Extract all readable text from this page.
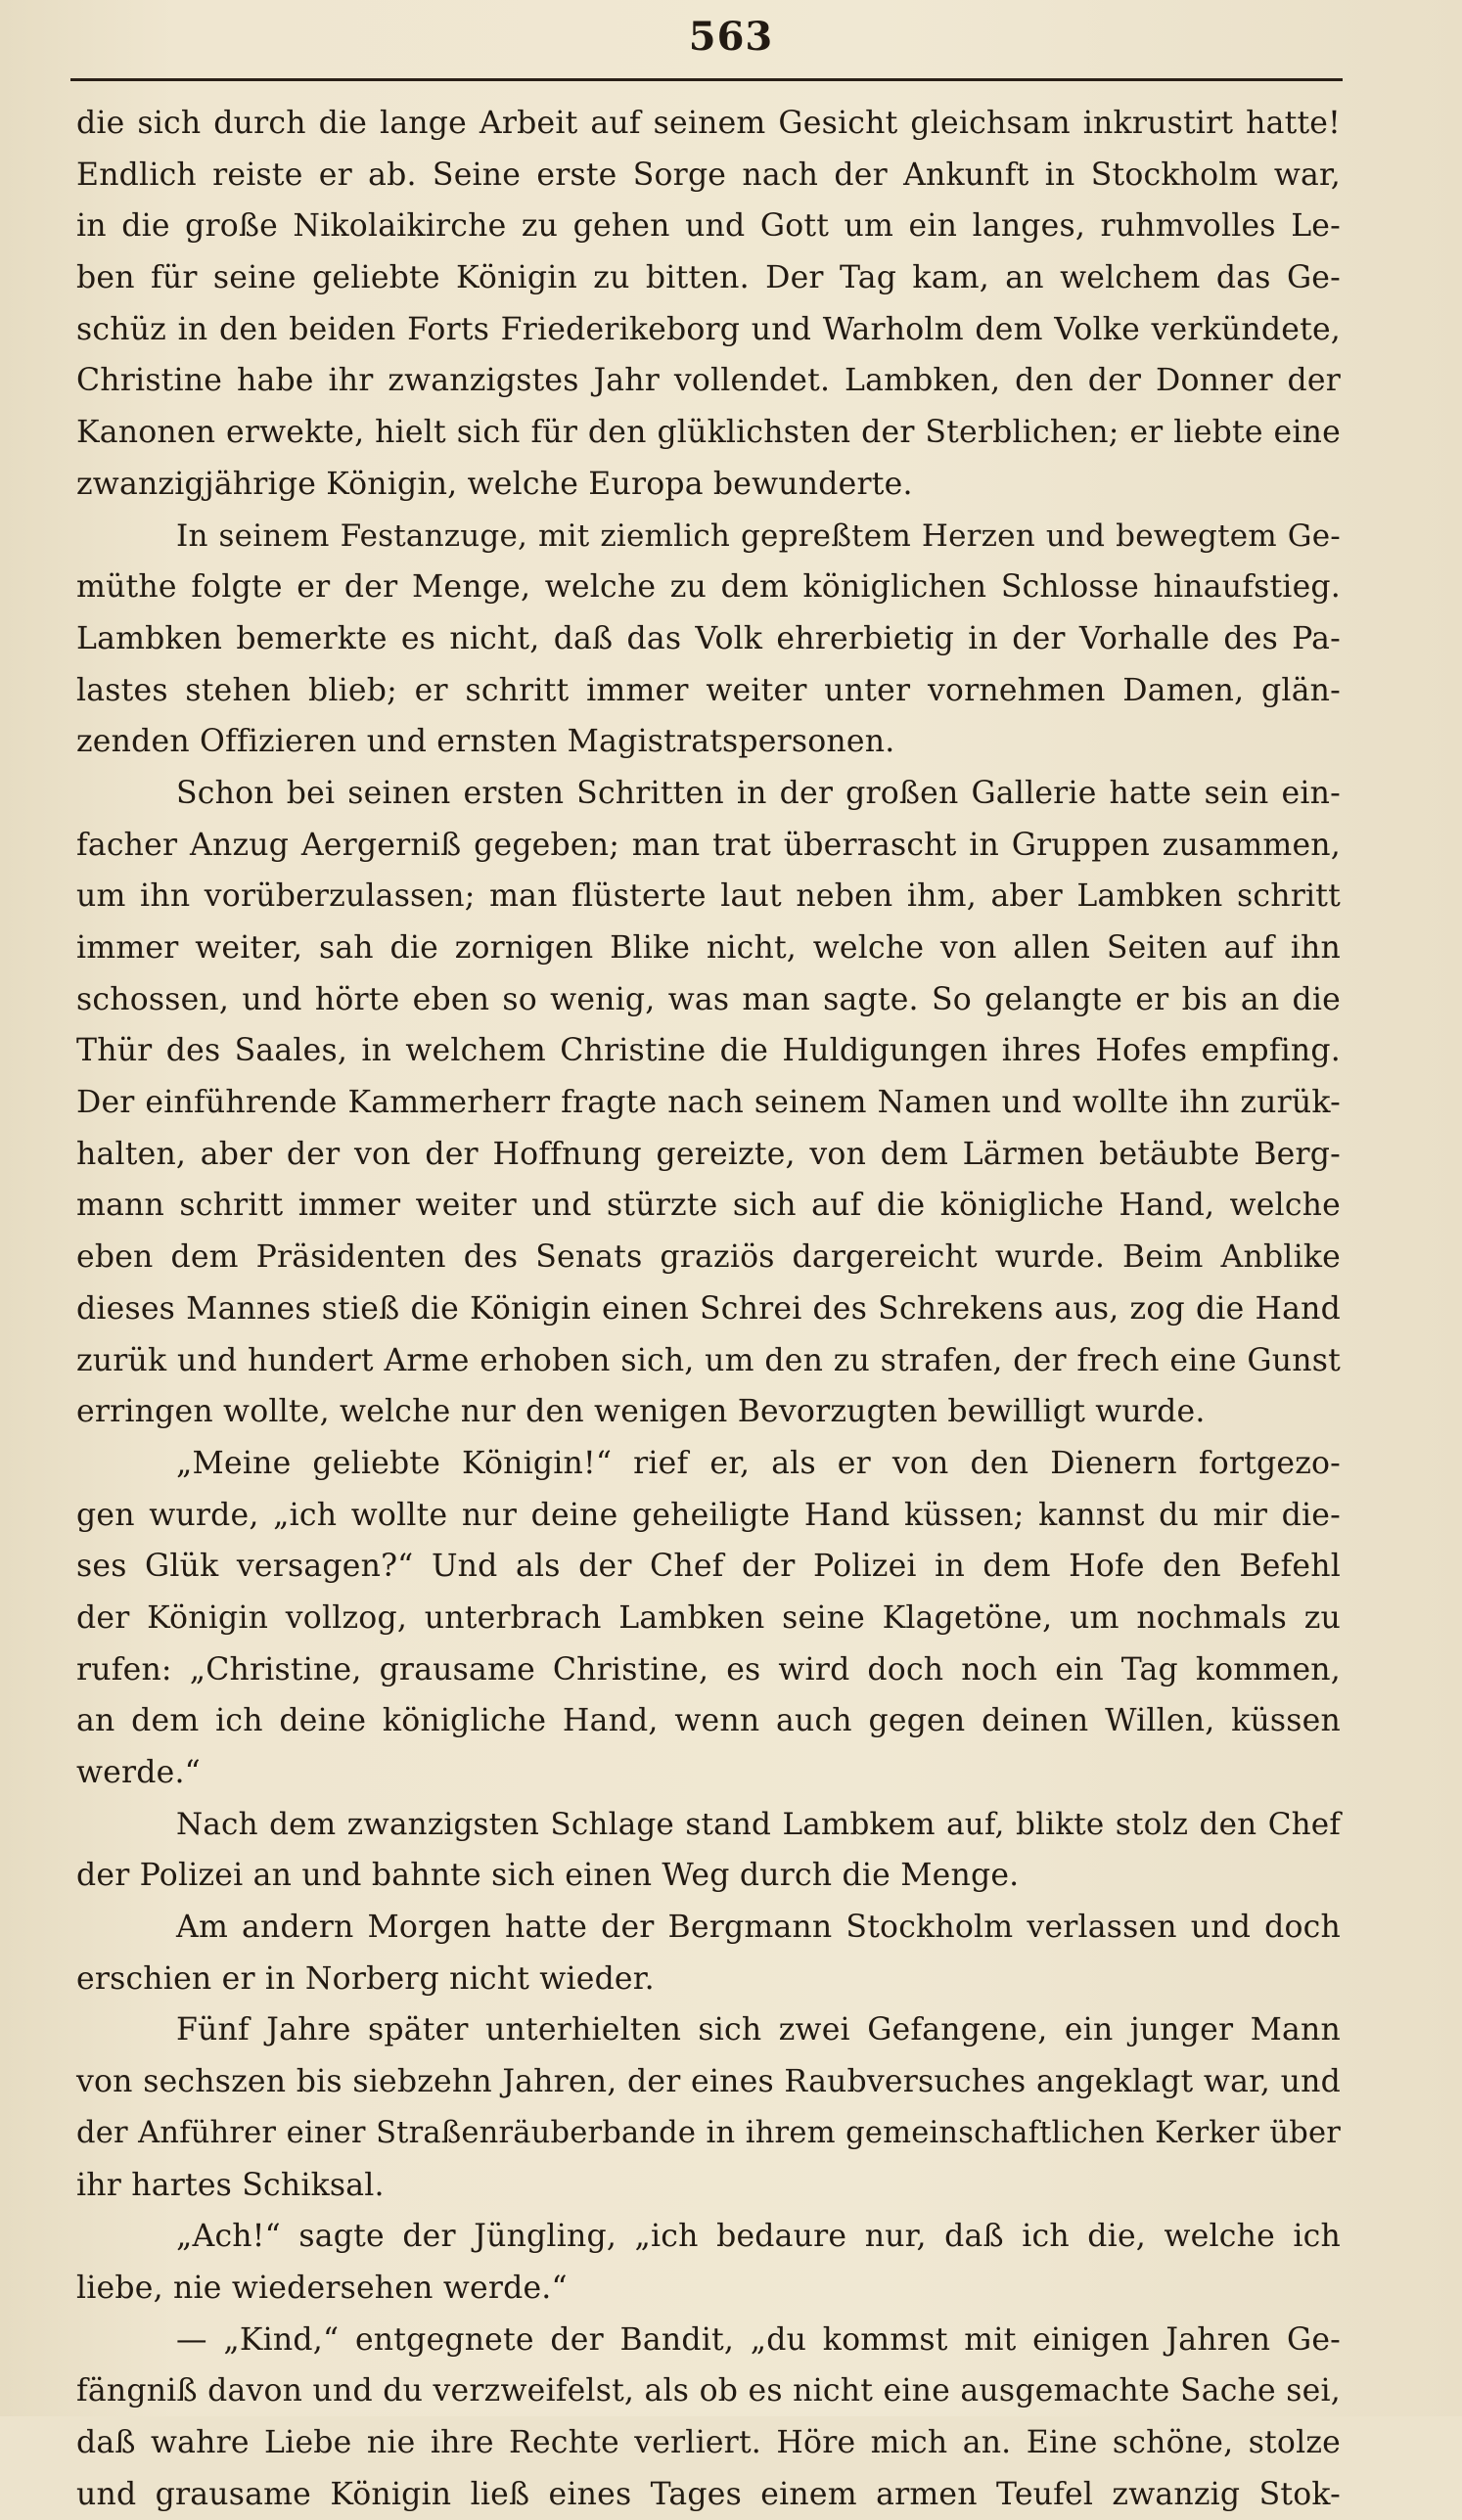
563
die sich durch die lange Arbeit auf seinem Gesicht gleichsam inkrustirt hatte!
Endlich reiste er ab. Seine erste Sorge nach der Ankunft in Stockholm war,
in die große Nikolaikirche zu gehen und Gott um ein langes, ruhmvolles Le-
ben für seine geliebte Königin zu bitten. Der Tag kam, an welchem das Ge-
schüz in den beiden Forts Friederikeborg und Warholm dem Volke verkündete,
Christine habe ihr zwanzigstes Jahr vollendet. Lambken, den der Donner der
Kanonen erwekte, hielt sich für den glüklichsten der Sterblichen; er liebte eine
zwanzigjährige Königin, welche Europa bewunderte.
In seinem Festanzuge, mit ziemlich gepreßtem Herzen und bewegtem Ge-
müthe folgte er der Menge, welche zu dem königlichen Schlosse hinaufstieg.
Lambken bemerkte es nicht, daß das Volk ehrerbietig in der Vorhalle des Pa-
lastes stehen blieb; er schritt immer weiter unter vornehmen Damen, glän-
zenden Offizieren und ernsten Magistratspersonen.
Schon bei seinen ersten Schritten in der großen Gallerie hatte sein ein-
facher Anzug Aergerniß gegeben; man trat überrascht in Gruppen zusammen,
um ihn vorüberzulassen; man flüsterte laut neben ihm, aber Lambken schritt
immer weiter, sah die zornigen Blike nicht, welche von allen Seiten auf ihn
schossen, und hörte eben so wenig, was man sagte. So gelangte er bis an die
Thür des Saales, in welchem Christine die Huldigungen ihres Hofes empfing.
Der einführende Kammerherr fragte nach seinem Namen und wollte ihn zurük-
halten, aber der von der Hoffnung gereizte, von dem Lärmen betäubte Berg-
mann schritt immer weiter und stürzte sich auf die königliche Hand, welche
eben dem Präsidenten des Senats graziös dargereicht wurde. Beim Anblike
dieses Mannes stieß die Königin einen Schrei des Schrekens aus, zog die Hand
zurük und hundert Arme erhoben sich, um den zu strafen, der frech eine Gunst
erringen wollte, welche nur den wenigen Bevorzugten bewilligt wurde.
„Meine geliebte Königin!“ rief er, als er von den Dienern fortgezo-
gen wurde, „ich wollte nur deine geheiligte Hand küssen; kannst du mir die-
ses Glük versagen?“ Und als der Chef der Polizei in dem Hofe den Befehl
der Königin vollzog, unterbrach Lambken seine Klagetöne, um nochmals zu
rufen: „Christine, grausame Christine, es wird doch noch ein Tag kommen,
an dem ich deine königliche Hand, wenn auch gegen deinen Willen, küssen
werde.“
Nach dem zwanzigsten Schlage stand Lambkem auf, blikte stolz den Chef
der Polizei an und bahnte sich einen Weg durch die Menge.
Am andern Morgen hatte der Bergmann Stockholm verlassen und doch
erschien er in Norberg nicht wieder.
Fünf Jahre später unterhielten sich zwei Gefangene, ein junger Mann
von sechszen bis siebzehn Jahren, der eines Raubversuches angeklagt war, und
der Anführer einer Straßenräuberbande in ihrem gemeinschaftlichen Kerker über
ihr hartes Schiksal.
„Ach!“ sagte der Jüngling, „ich bedaure nur, daß ich die, welche ich
liebe, nie wiedersehen werde.“
— „Kind,“ entgegnete der Bandit, „du kommst mit einigen Jahren Ge-
fängniß davon und du verzweifelst, als ob es nicht eine ausgemachte Sache sei,
daß wahre Liebe nie ihre Rechte verliert. Höre mich an. Eine schöne, stolze
und grausame Königin ließ eines Tages einem armen Teufel zwanzig Stok-
